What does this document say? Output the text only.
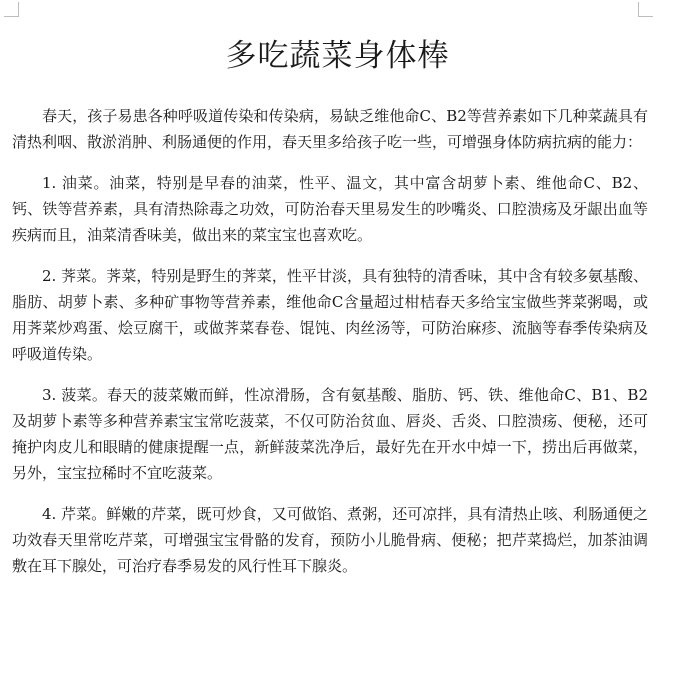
多吃蔬菜身体棒

春天，孩子易患各种呼吸道传染和传染病，易缺乏维他命C、B2等营养素如下几种菜蔬具有清热利咽、散淤消肿、利肠通便的作用，春天里多给孩子吃一些，可增强身体防病抗病的能力：

1. 油菜。油菜，特别是早春的油菜，性平、温文，其中富含胡萝卜素、维他命C、B2、钙、铁等营养素，具有清热除毒之功效，可防治春天里易发生的吵嘴炎、口腔溃疡及牙龈出血等疾病而且，油菜清香味美，做出来的菜宝宝也喜欢吃。

2. 荠菜。荠菜，特别是野生的荠菜，性平甘淡，具有独特的清香味，其中含有较多氨基酸、脂肪、胡萝卜素、多种矿事物等营养素，维他命C含量超过柑桔春天多给宝宝做些荠菜粥喝，或用荠菜炒鸡蛋、烩豆腐干，或做荠菜春卷、馄饨、肉丝汤等，可防治麻疹、流脑等春季传染病及呼吸道传染。

3. 菠菜。春天的菠菜嫩而鲜，性凉滑肠，含有氨基酸、脂肪、钙、铁、维他命C、B1、B2及胡萝卜素等多种营养素宝宝常吃菠菜，不仅可防治贫血、唇炎、舌炎、口腔溃疡、便秘，还可掩护肉皮儿和眼睛的健康提醒一点，新鲜菠菜洗净后，最好先在开水中焯一下，捞出后再做菜，另外，宝宝拉稀时不宜吃菠菜。

4. 芹菜。鲜嫩的芹菜，既可炒食，又可做馅、煮粥，还可凉拌，具有清热止咳、利肠通便之功效春天里常吃芹菜，可增强宝宝骨骼的发育，预防小儿脆骨病、便秘；把芹菜捣烂，加茶油调敷在耳下腺处，可治疗春季易发的风行性耳下腺炎。
